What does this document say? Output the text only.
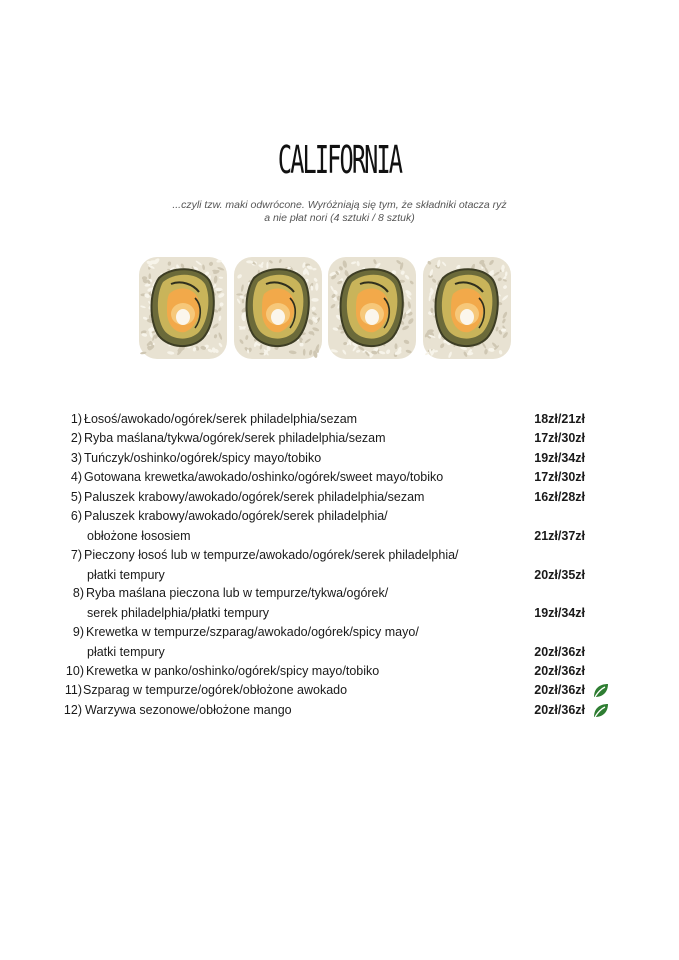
CALIFORNIA
...czyli tzw. maki odwrócone. Wyróżniają się tym, że składniki otacza ryż
a nie płat nori (4 sztuki / 8 sztuk)
1) Łosoś/awokado/ogórek/serek philadelphia/sezam	18zł/21zł
2) Ryba maślana/tykwa/ogórek/serek philadelphia/sezam	17zł/30zł
3) Tuńczyk/oshinko/ogórek/spicy mayo/tobiko	19zł/34zł
4) Gotowana krewetka/awokado/oshinko/ogórek/sweet mayo/tobiko	17zł/30zł
5) Paluszek krabowy/awokado/ogórek/serek philadelphia/sezam	16zł/28zł
6) Paluszek krabowy/awokado/ogórek/serek philadelphia/
obłożone łososiem	21zł/37zł
7) Pieczony łosoś lub w tempurze/awokado/ogórek/serek philadelphia/
płatki tempury	20zł/35zł
8) Ryba maślana pieczona lub w tempurze/tykwa/ogórek/
serek philadelphia/płatki tempury	19zł/34zł
9) Krewetka w tempurze/szparag/awokado/ogórek/spicy mayo/
płatki tempury	20zł/36zł
10) Krewetka w panko/oshinko/ogórek/spicy mayo/tobiko	20zł/36zł
11) Szparag w tempurze/ogórek/obłożone awokado	20zł/36zł
12) Warzywa sezonowe/obłożone mango	20zł/36zł
